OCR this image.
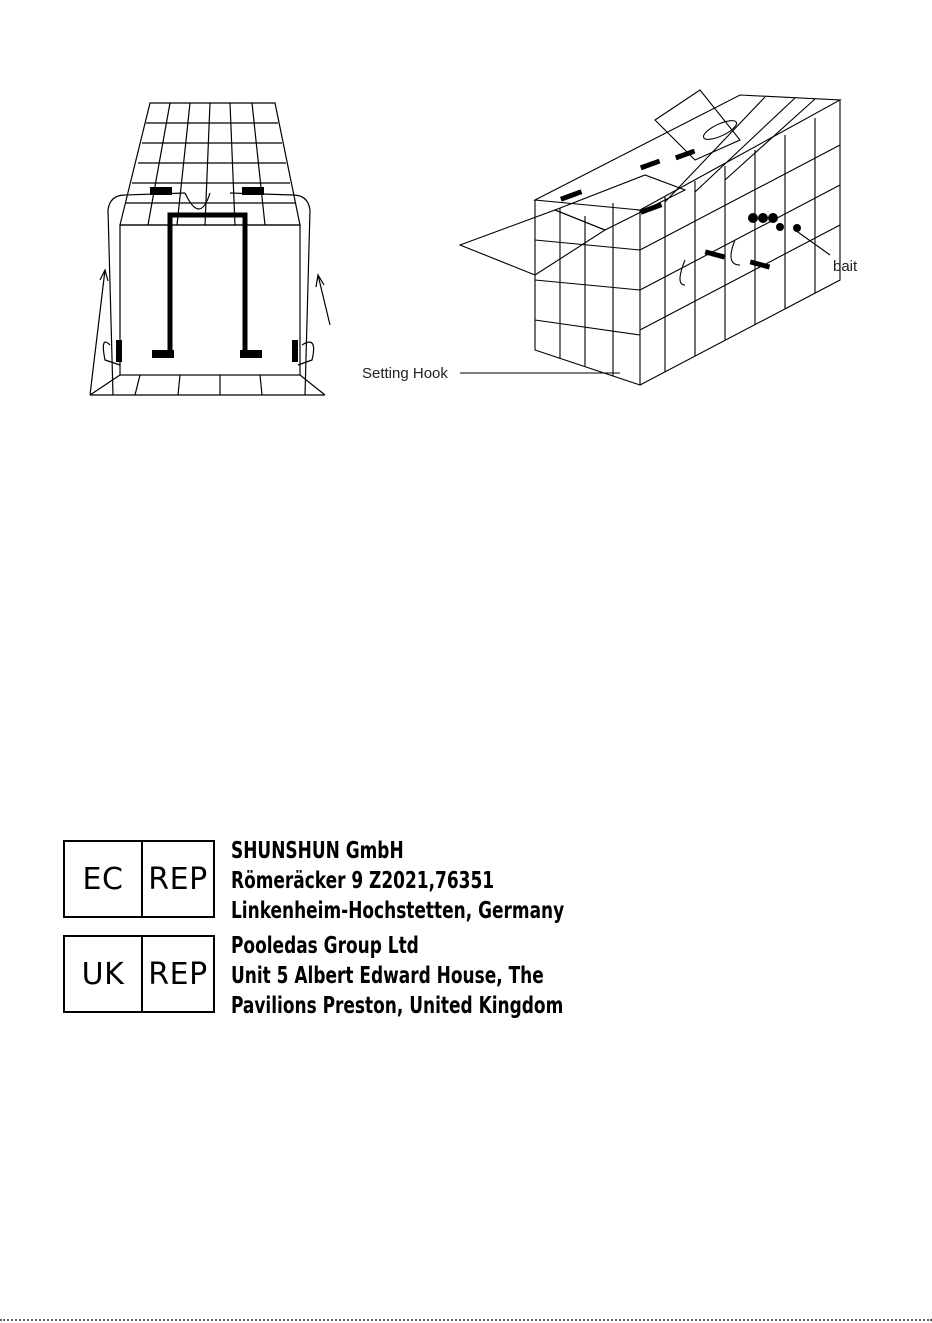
bait
Setting Hook
EC REP
SHUNSHUN GmbH
Römeräcker 9 Z2021,76351
Linkenheim-Hochstetten, Germany
UK REP
Pooledas Group Ltd
Unit 5 Albert Edward House, The
Pavilions Preston, United Kingdom
